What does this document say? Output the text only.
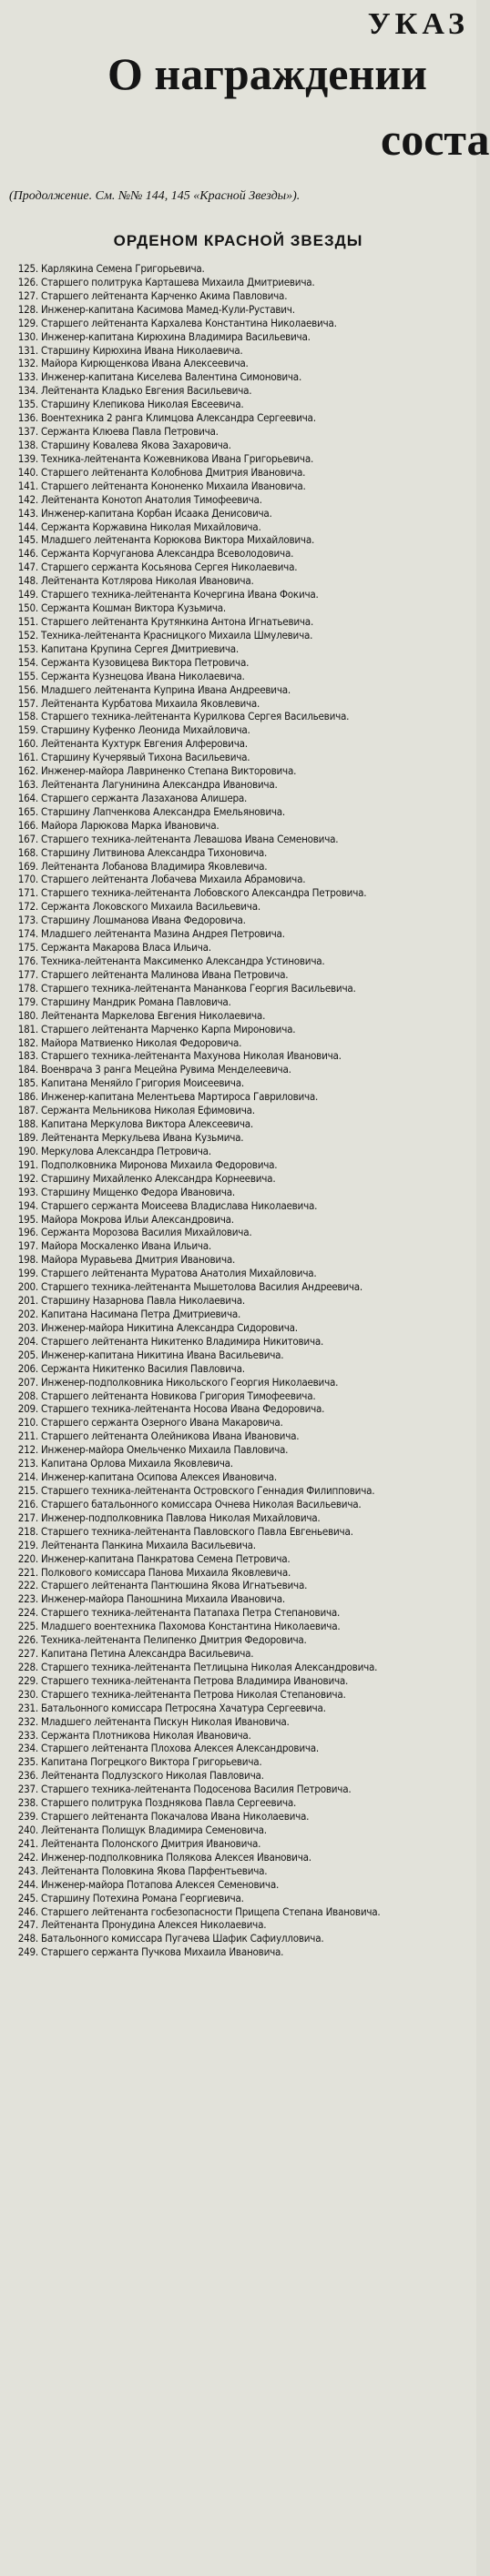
УКАЗ
О награждении
соста
(Продолжение. См. №№ 144, 145 «Красной Звезды»).
ОРДЕНОМ КРАСНОЙ ЗВЕЗДЫ
125. Карлякина Семена Григорьевича.
126. Старшего политрука Карташева Михаила Дмитриевича.
127. Старшего лейтенанта Карченко Акима Павловича.
128. Инженер-капитана Касимова Мамед-Кули-Руставич.
129. Старшего лейтенанта Кархалева Константина Николаевича.
130. Инженер-капитана Кирюхина Владимира Васильевича.
131. Старшину Кирюхина Ивана Николаевича.
132. Майора Кирющенкова Ивана Алексеевича.
133. Инженер-капитана Киселева Валентина Симоновича.
134. Лейтенанта Кладько Евгения Васильевича.
135. Старшину Клепикова Николая Евсеевича.
136. Воентехника 2 ранга Климцова Александра Сергеевича.
137. Сержанта Клюева Павла Петровича.
138. Старшину Ковалева Якова Захаровича.
139. Техника-лейтенанта Кожевникова Ивана Григорьевича.
140. Старшего лейтенанта Колобнова Дмитрия Ивановича.
141. Старшего лейтенанта Кононенко Михаила Ивановича.
142. Лейтенанта Конотоп Анатолия Тимофеевича.
143. Инженер-капитана Корбан Исаака Денисовича.
144. Сержанта Коржавина Николая Михайловича.
145. Младшего лейтенанта Корюкова Виктора Михайловича.
146. Сержанта Корчуганова Александра Всеволодовича.
147. Старшего сержанта Косьянова Сергея Николаевича.
148. Лейтенанта Котлярова Николая Ивановича.
149. Старшего техника-лейтенанта Кочергина Ивана Фокича.
150. Сержанта Кошман Виктора Кузьмича.
151. Старшего лейтенанта Крутянкина Антона Игнатьевича.
152. Техника-лейтенанта Красницкого Михаила Шмулевича.
153. Капитана Крупина Сергея Дмитриевича.
154. Сержанта Кузовицева Виктора Петровича.
155. Сержанта Кузнецова Ивана Николаевича.
156. Младшего лейтенанта Куприна Ивана Андреевича.
157. Лейтенанта Курбатова Михаила Яковлевича.
158. Старшего техника-лейтенанта Курилкова Сергея Васильевича.
159. Старшину Куфенко Леонида Михайловича.
160. Лейтенанта Кухтурк Евгения Алферовича.
161. Старшину Кучерявый Тихона Васильевича.
162. Инженер-майора Лавриненко Степана Викторовича.
163. Лейтенанта Лагунинина Александра Ивановича.
164. Старшего сержанта Лазаханова Алишера.
165. Старшину Лапченкова Александра Емельяновича.
166. Майора Ларюкова Марка Ивановича.
167. Старшего техника-лейтенанта Левашова Ивана Семеновича.
168. Старшину Литвинова Александра Тихоновича.
169. Лейтенанта Лобанова Владимира Яковлевича.
170. Старшего лейтенанта Лобачева Михаила Абрамовича.
171. Старшего техника-лейтенанта Лобовского Александра Петровича.
172. Сержанта Локовского Михаила Васильевича.
173. Старшину Лошманова Ивана Федоровича.
174. Младшего лейтенанта Мазина Андрея Петровича.
175. Сержанта Макарова Власа Ильича.
176. Техника-лейтенанта Максименко Александра Устиновича.
177. Старшего лейтенанта Малинова Ивана Петровича.
178. Старшего техника-лейтенанта Мананкова Георгия Васильевича.
179. Старшину Мандрик Романа Павловича.
180. Лейтенанта Маркелова Евгения Николаевича.
181. Старшего лейтенанта Марченко Карпа Мироновича.
182. Майора Матвиенко Николая Федоровича.
183. Старшего техника-лейтенанта Махунова Николая Ивановича.
184. Военврача 3 ранга Мецейна Рувима Менделеевича.
185. Капитана Меняйло Григория Моисеевича.
186. Инженер-капитана Мелентьева Мартироса Гавриловича.
187. Сержанта Мельникова Николая Ефимовича.
188. Капитана Меркулова Виктора Алексеевича.
189. Лейтенанта Меркульева Ивана Кузьмича.
190. Меркулова Александра Петровича.
191. Подполковника Миронова Михаила Федоровича.
192. Старшину Михайленко Александра Корнеевича.
193. Старшину Мищенко Федора Ивановича.
194. Старшего сержанта Моисеева Владислава Николаевича.
195. Майора Мокрова Ильи Александровича.
196. Сержанта Морозова Василия Михайловича.
197. Майора Москаленко Ивана Ильича.
198. Майора Муравьева Дмитрия Ивановича.
199. Старшего лейтенанта Муратова Анатолия Михайловича.
200. Старшего техника-лейтенанта Мышетолова Василия Андреевича.
201. Старшину Назарнова Павла Николаевича.
202. Капитана Насимана Петра Дмитриевича.
203. Инженер-майора Никитина Александра Сидоровича.
204. Старшего лейтенанта Никитенко Владимира Никитовича.
205. Инженер-капитана Никитина Ивана Васильевича.
206. Сержанта Никитенко Василия Павловича.
207. Инженер-подполковника Никольского Георгия Николаевича.
208. Старшего лейтенанта Новикова Григория Тимофеевича.
209. Старшего техника-лейтенанта Носова Ивана Федоровича.
210. Старшего сержанта Озерного Ивана Макаровича.
211. Старшего лейтенанта Олейникова Ивана Ивановича.
212. Инженер-майора Омельченко Михаила Павловича.
213. Капитана Орлова Михаила Яковлевича.
214. Инженер-капитана Осипова Алексея Ивановича.
215. Старшего техника-лейтенанта Островского Геннадия Филипповича.
216. Старшего батальонного комиссара Очнева Николая Васильевича.
217. Инженер-подполковника Павлова Николая Михайловича.
218. Старшего техника-лейтенанта Павловского Павла Евгеньевича.
219. Лейтенанта Панкина Михаила Васильевича.
220. Инженер-капитана Панкратова Семена Петровича.
221. Полкового комиссара Панова Михаила Яковлевича.
222. Старшего лейтенанта Пантюшина Якова Игнатьевича.
223. Инженер-майора Паношнина Михаила Ивановича.
224. Старшего техника-лейтенанта Патапаха Петра Степановича.
225. Младшего воентехника Пахомова Константина Николаевича.
226. Техника-лейтенанта Пелипенко Дмитрия Федоровича.
227. Капитана Петина Александра Васильевича.
228. Старшего техника-лейтенанта Петлицына Николая Александровича.
229. Старшего техника-лейтенанта Петрова Владимира Ивановича.
230. Старшего техника-лейтенанта Петрова Николая Степановича.
231. Батальонного комиссара Петросяна Хачатура Сергеевича.
232. Младшего лейтенанта Пискун Николая Ивановича.
233. Сержанта Плотникова Николая Ивановича.
234. Старшего лейтенанта Плохова Алексея Александровича.
235. Капитана Погрецкого Виктора Григорьевича.
236. Лейтенанта Подлузского Николая Павловича.
237. Старшего техника-лейтенанта Подосенова Василия Петровича.
238. Старшего политрука Позднякова Павла Сергеевича.
239. Старшего лейтенанта Покачалова Ивана Николаевича.
240. Лейтенанта Полищук Владимира Семеновича.
241. Лейтенанта Полонского Дмитрия Ивановича.
242. Инженер-подполковника Полякова Алексея Ивановича.
243. Лейтенанта Половкина Якова Парфентьевича.
244. Инженер-майора Потапова Алексея Семеновича.
245. Старшину Потехина Романа Георгиевича.
246. Старшего лейтенанта госбезопасности Прищепа Степана Ивановича.
247. Лейтенанта Пронудина Алексея Николаевича.
248. Батальонного комиссара Пугачева Шафик Сафиулловича.
249. Старшего сержанта Пучкова Михаила Ивановича.
